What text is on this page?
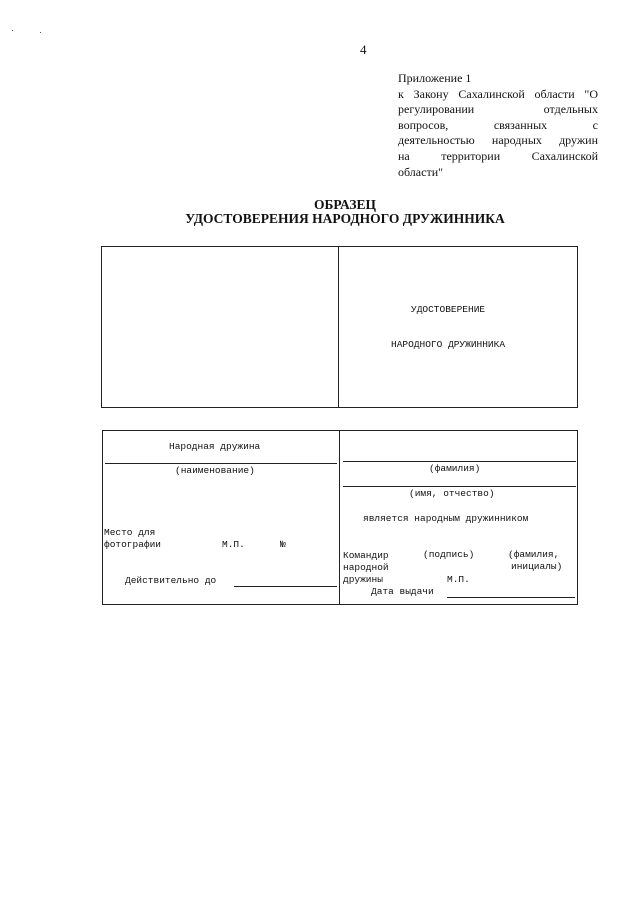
4
Приложение 1
к Закону Сахалинской области "О
регулировании отдельных
вопросов, связанных с
деятельностью народных дружин
на территории Сахалинской
области"
ОБРАЗЕЦ
УДОСТОВЕРЕНИЯ НАРОДНОГО ДРУЖИННИКА
УДОСТОВЕРЕНИЕ
НАРОДНОГО ДРУЖИННИКА
Народная дружина
(наименование)
Место для
фотографии	М.П.	№
Действительно до
(фамилия)
(имя, отчество)
является народным дружинником
Командир
народной
дружины
(подпись)	(фамилия,
инициалы)
М.П.
Дата выдачи
